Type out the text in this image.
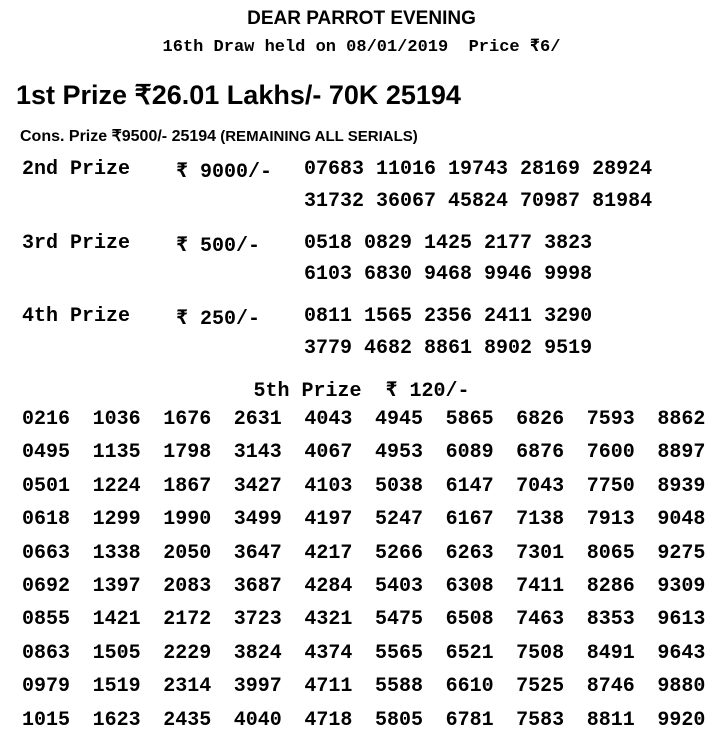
DEAR PARROT EVENING
16th Draw held on 08/01/2019  Price ₹6/
1st Prize ₹26.01 Lakhs/- 70K 25194
Cons. Prize ₹9500/- 25194 (REMAINING ALL SERIALS)
2nd Prize ₹ 9000/- 07683 11016 19743 28169 28924
31732 36067 45824 70987 81984
3rd Prize ₹ 500/- 0518 0829 1425 2177 3823
6103 6830 9468 9946 9998
4th Prize ₹ 250/- 0811 1565 2356 2411 3290
3779 4682 8861 8902 9519
5th Prize ₹ 120/-
0216 1036 1676 2631 4043 4945 5865 6826 7593 8862
0495 1135 1798 3143 4067 4953 6089 6876 7600 8897
0501 1224 1867 3427 4103 5038 6147 7043 7750 8939
0618 1299 1990 3499 4197 5247 6167 7138 7913 9048
0663 1338 2050 3647 4217 5266 6263 7301 8065 9275
0692 1397 2083 3687 4284 5403 6308 7411 8286 9309
0855 1421 2172 3723 4321 5475 6508 7463 8353 9613
0863 1505 2229 3824 4374 5565 6521 7508 8491 9643
0979 1519 2314 3997 4711 5588 6610 7525 8746 9880
1015 1623 2435 4040 4718 5805 6781 7583 8811 9920
